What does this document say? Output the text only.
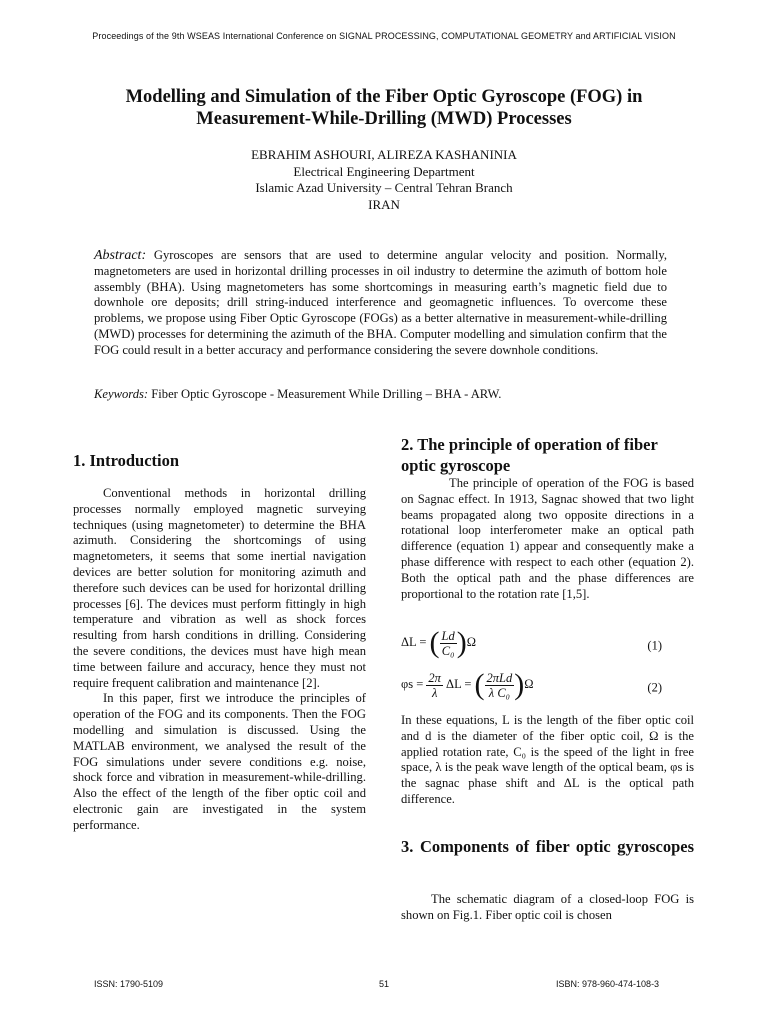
Proceedings of the 9th WSEAS International Conference on SIGNAL PROCESSING, COMPUTATIONAL GEOMETRY and ARTIFICIAL VISION
Modelling and Simulation of the Fiber Optic Gyroscope (FOG) in
Measurement-While-Drilling (MWD) Processes
EBRAHIM ASHOURI, ALIREZA KASHANINIA
Electrical Engineering Department
Islamic Azad University – Central Tehran Branch
IRAN
Abstract: Gyroscopes are sensors that are used to determine angular velocity and position. Normally, magnetometers are used in horizontal drilling processes in oil industry to determine the azimuth of bottom hole assembly (BHA). Using magnetometers has some shortcomings in measuring earth’s magnetic field due to downhole ore deposits; drill string-induced interference and geomagnetic influences. To overcome these problems, we propose using Fiber Optic Gyroscope (FOGs) as a better alternative in measurement-while-drilling (MWD) processes for determining the azimuth of the BHA. Computer modelling and simulation confirm that the FOG could result in a better accuracy and performance considering the severe downhole conditions.
Keywords: Fiber Optic Gyroscope - Measurement While Drilling – BHA - ARW.
1. Introduction

Conventional methods in horizontal drilling processes normally employed magnetic surveying techniques (using magnetometer) to determine the BHA azimuth. Considering the shortcomings of using magnetometers, it seems that some inertial navigation devices are better solution for monitoring azimuth and therefore such devices can be used for horizontal drilling processes [6]. The devices must perform fittingly in high temperature and vibration as well as shock forces resulting from harsh conditions in drilling. Considering the severe conditions, the devices must have high mean time between failure and accuracy, hence they must not require frequent calibration and maintenance [2].

In this paper, first we introduce the principles of operation of the FOG and its components. Then the FOG modelling and simulation is discussed. Using the MATLAB environment, we analysed the result of the FOG simulations under severe conditions e.g. noise, shock force and vibration in measurement-while-drilling. Also the effect of the length of the fiber optic coil and electronic gain are investigated in the system performance.

2. The principle of operation of fiber optic gyroscope

The principle of operation of the FOG is based on Sagnac effect. In 1913, Sagnac showed that two light beams propagated along two opposite directions in a rotational loop interferometer make an optical path difference (equation 1) appear and consequently make a phase difference with respect to each other (equation 2). Both the optical path and the phase differences are proportional to the rotation rate [1,5].

ΔL = ( $\frac{Ld}{\text{C₀}} )\Omega$	(1)
$\varphi s = \frac{2\pi}{\lambda}$ ΔL = ( $\frac{\text{2πLd}}{\text{λ C₀}} )\Omega$	(2)

In these equations, L is the length of the fiber optic coil and d is the diameter of the fiber optic coil, Ω is the applied rotation rate, C₀ is the speed of the light in free space, λ is the peak wave length of the optical beam, φs is the sagnac phase shift and ΔL is the optical path difference.

3. Components of fiber optic gyroscopes

The schematic diagram of a closed-loop FOG is shown on Fig.1. Fiber optic coil is chosen

ISSN: 1790-5109	51	ISBN: 978-960-474-108-3
